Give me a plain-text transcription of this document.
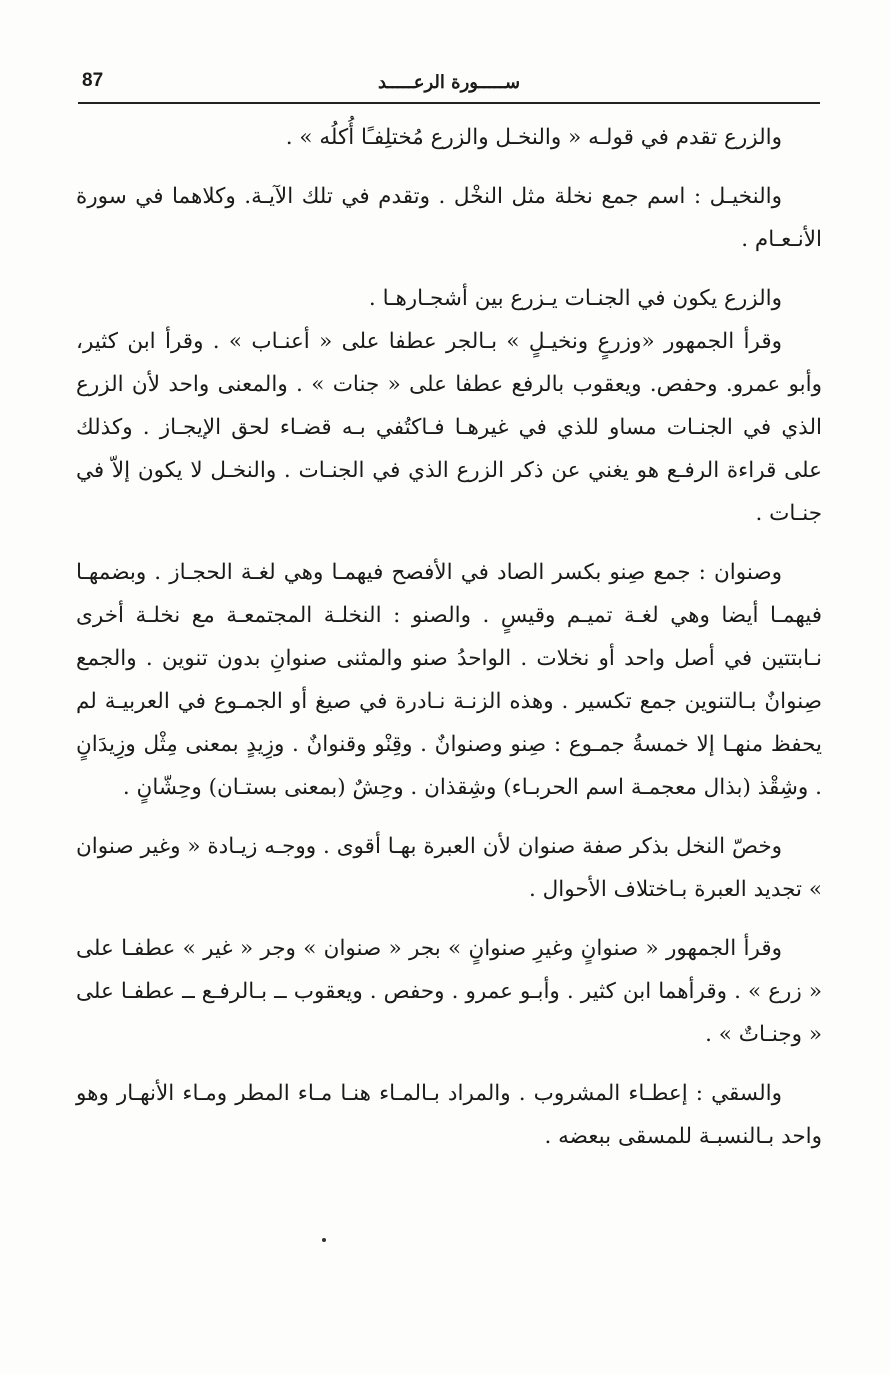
87	ســـــورة الرعـــــد

والزرع تقدم في قولـه « والنخـل والزرع مُختلِفـًا أُكلُه » .

والنخيـل : اسم جمع نخلة مثل النخْل . وتقدم في تلك الآيـة. وكلاهما في سورة الأنـعـام .

والزرع يكون في الجنـات يـزرع بين أشجـارهـا .

وقرأ الجمهور «وزرعٍ ونخيـلٍ » بـالجر عطفا على « أعنـاب » . وقرأ ابن كثير، وأبو عمرو. وحفص. ويعقوب بالرفع عطفا على « جنات » . والمعنى واحد لأن الزرع الذي في الجنـات مساو للذي في غيرهـا فـاكتُفي بـه قضـاء لحق الإيجـاز . وكذلك على قراءة الرفـع هو يغني عن ذكر الزرع الذي في الجنـات . والنخـل لا يكون إلاّ في جنـات .

وصنوان : جمع صِنو بكسر الصاد في الأفصح فيهمـا وهي لغـة الحجـاز . وبضمهـا فيهمـا أيضا وهي لغـة تميـم وقيسٍ . والصنو : النخلـة المجتمعـة مع نخلـة أخرى نـابتتين في أصل واحد أو نخلات . الواحدُ صنو والمثنى صنوانِ بدون تنوين . والجمع صِنوانٌ بـالتنوين جمع تكسير . وهذه الزنـة نـادرة في صيغ أو الجمـوع في العربيـة لم يحفظ منهـا إلا خمسةُ جمـوع : صِنو وصنوانٌ . وقِنْو وقنوانٌ . وزِيدٍ بمعنى مِثْل وزِيدَانٍ . وشِقْذ (بذال معجمـة اسم الحربـاء) وشِقذان . وحِشٌ (بمعنى بستـان) وحِشّانٍ .

وخصّ النخل بذكر صفة صنوان لأن العبرة بهـا أقوى . ووجـه زيـادة « وغير صنوان » تجديد العبرة بـاختلاف الأحوال .

وقرأ الجمهور « صنوانٍ وغيرِ صنوانٍ » بجر « صنوان » وجر « غير » عطفـا على « زرع » . وقرأهما ابن كثير . وأبـو عمرو . وحفص . ويعقوب ــ بـالرفـع ــ عطفـا على « وجنـاتٌ » .

والسقي : إعطـاء المشروب . والمراد بـالمـاء هنـا مـاء المطر ومـاء الأنهـار وهو واحد بـالنسبـة للمسقى ببعضه .
